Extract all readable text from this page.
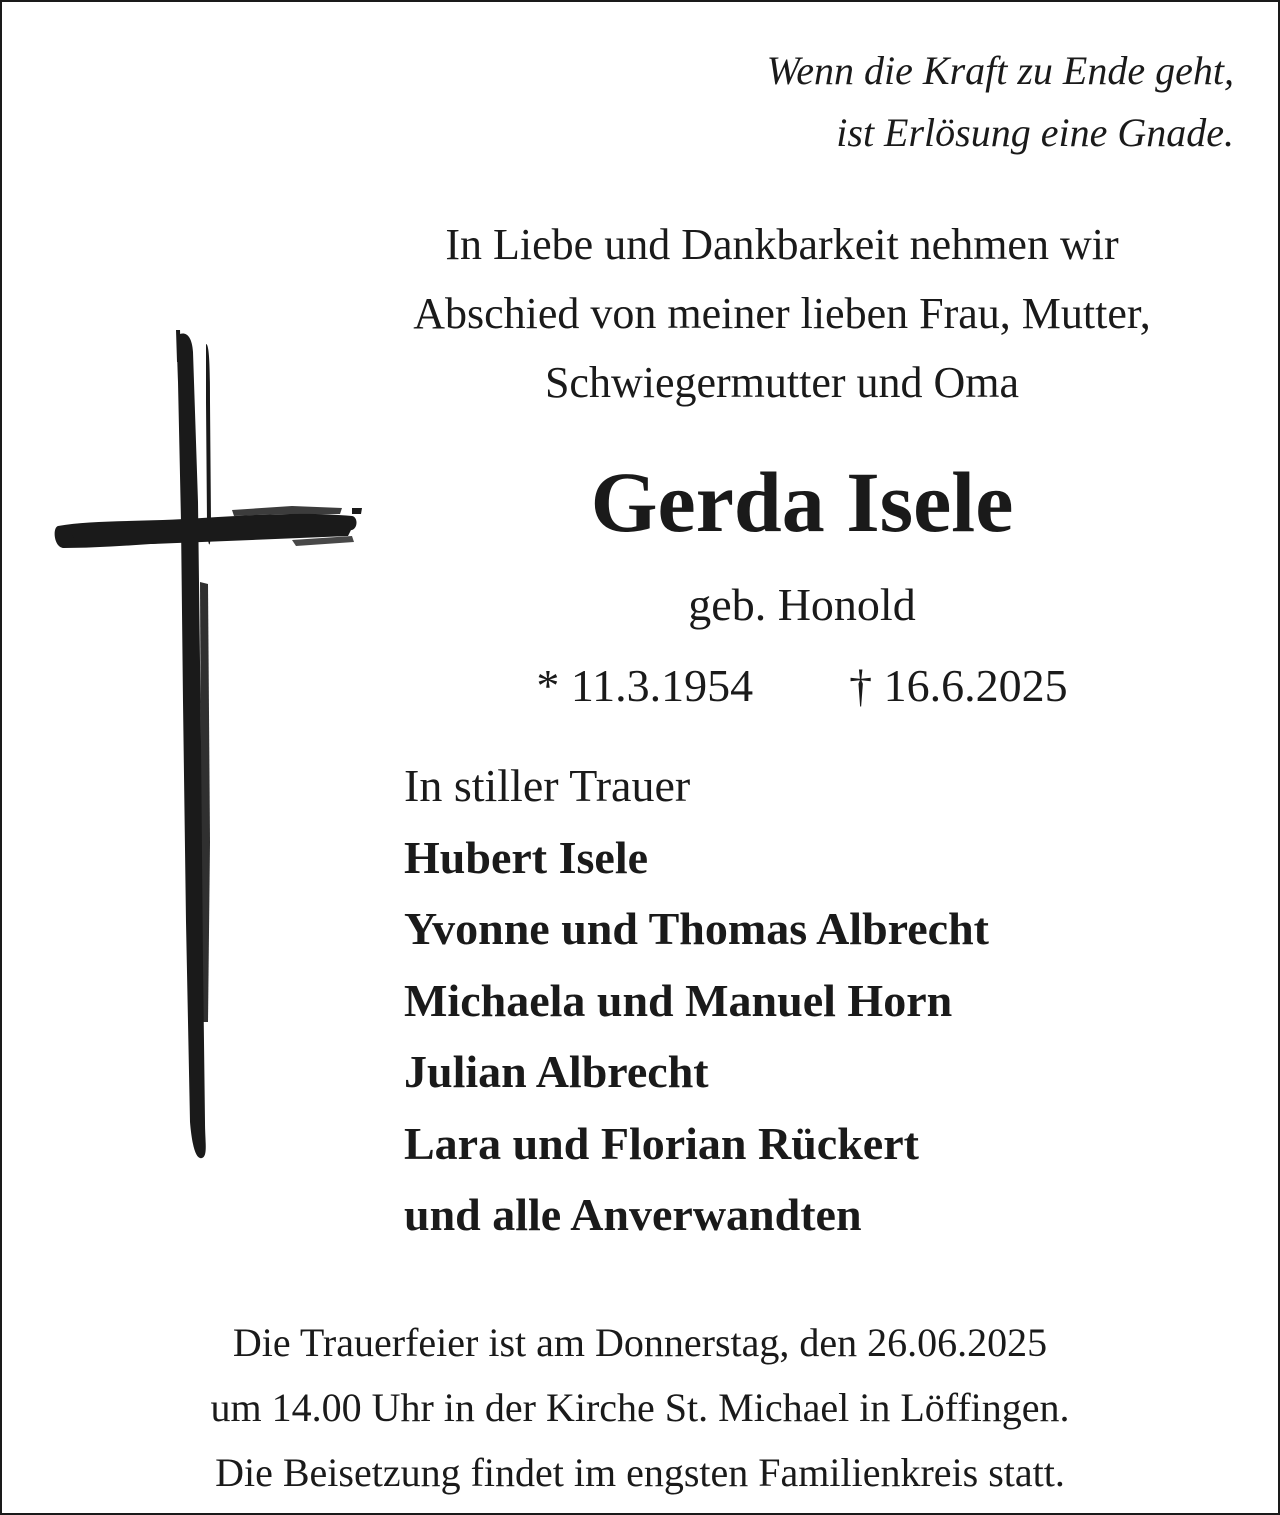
Wenn die Kraft zu Ende geht,
ist Erlösung eine Gnade.
In Liebe und Dankbarkeit nehmen wir
Abschied von meiner lieben Frau, Mutter,
Schwiegermutter und Oma
Gerda Isele
geb. Honold
* 11.3.1954 † 16.6.2025
In stiller Trauer
Hubert Isele
Yvonne und Thomas Albrecht
Michaela und Manuel Horn
Julian Albrecht
Lara und Florian Rückert
und alle Anverwandten
Die Trauerfeier ist am Donnerstag, den 26.06.2025
um 14.00 Uhr in der Kirche St. Michael in Löffingen.
Die Beisetzung findet im engsten Familienkreis statt.
